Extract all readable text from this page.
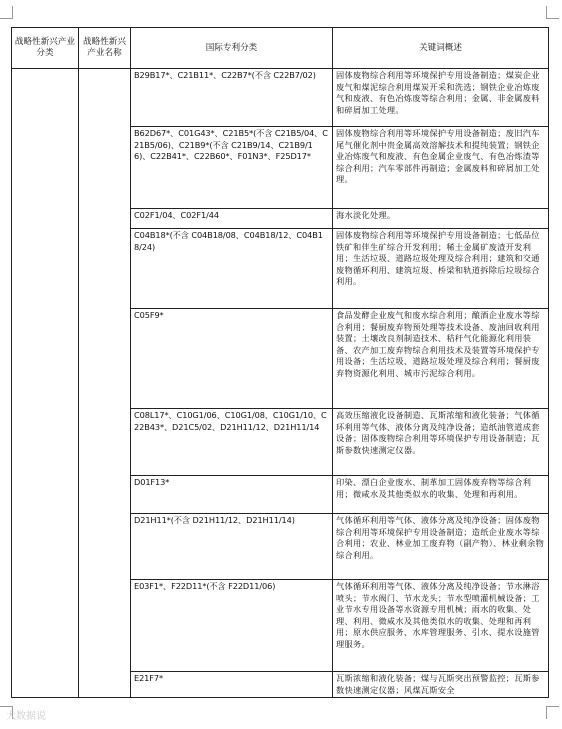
战略性新兴产业分类	战略性新兴产业名称	国际专利分类	关键词概述
		B29B17*、C21B11*、C22B7*(不含 C22B7/02)	固体废物综合利用等环境保护专用设备制造；煤炭企业废气和煤泥综合利用煤炭开采和洗选；钢铁企业冶炼废气和废液、有色冶炼废等综合利用；金属、非金属废料和碎屑加工处理。
		B62D67*、C01G43*、C21B5*(不含 C21B5/04、C21B5/06)、C21B9*(不含 C21B9/14、C21B9/16)、C22B41*、C22B60*、F01N3*、F25D17*	固体废物综合利用等环境保护专用设备制造；废旧汽车尾气催化剂中贵金属高效溶解技术和提纯装置；钢铁企业冶炼废气和废液、有色金属企业废气、有色冶炼渣等综合利用；汽车零部件再制造；金属废料和碎屑加工处理。
		C02F1/04、C02F1/44	海水淡化处理。
		C04B18*(不含 C04B18/08、C04B18/12、C04B18/24)	固体废物综合利用等环境保护专用设备制造；七低品位铁矿和伴生矿综合开发利用；稀土金属矿废渣开发利用；生活垃圾、道路垃圾处理及综合利用；建筑和交通废物循环利用、建筑垃圾、桥梁和轨道拆除后垃圾综合利用。
		C05F9*	食品发酵企业废气和废水综合利用；酿酒企业废水等综合利用；餐厨废弃物预处理等技术设备、废油回收利用装置；土壤改良剂制造技术、秸秆气化能源化利用装备、农产加工废弃物综合利用技术及装置等环境保护专用设备；生活垃圾、道路垃圾处理及综合利用；餐厨废弃物资源化利用、城市污泥综合利用。
		C08L17*、C10G1/06、C10G1/08、C10G1/10、C22B43*、D21C5/02、D21H11/12、D21H11/14	高效压缩液化设备制造、瓦斯浓缩和液化装备；气体循环利用等气体、液体分离及纯净设备；造纸油管道成套设备；固体废物综合利用等环境保护专用设备制造；瓦斯参数快速测定仪器。
		D01F13*	印染、漂白企业废水、制革加工固体废弃物等综合利用；微咸水及其他类似水的收集、处理和再利用。
		D21H11*(不含 D21H11/12、D21H11/14)	气体循环利用等气体、液体分离及纯净设备；固体废物综合利用等环境保护专用设备制造；造纸企业废水等综合利用；农业、林业加工废弃物（副产物）、林业剩余物综合利用。
		E03F1*、F22D11*(不含 F22D11/06)	气体循环利用等气体、液体分离及纯净设备；节水淋浴喷头；节水阀门、节水龙头；节水型喷灌机械设备；工业节水专用设备等水资源专用机械；雨水的收集、处理、利用、微咸水及其他类似水的收集、处理和再利用；原水供应服务、水库管理服务、引水、提水设施管理服务。
		E21F7*	瓦斯浓缩和液化装备；煤与瓦斯突出预警监控；瓦斯参数快速测定仪器；风煤瓦斯安全
大数据说
